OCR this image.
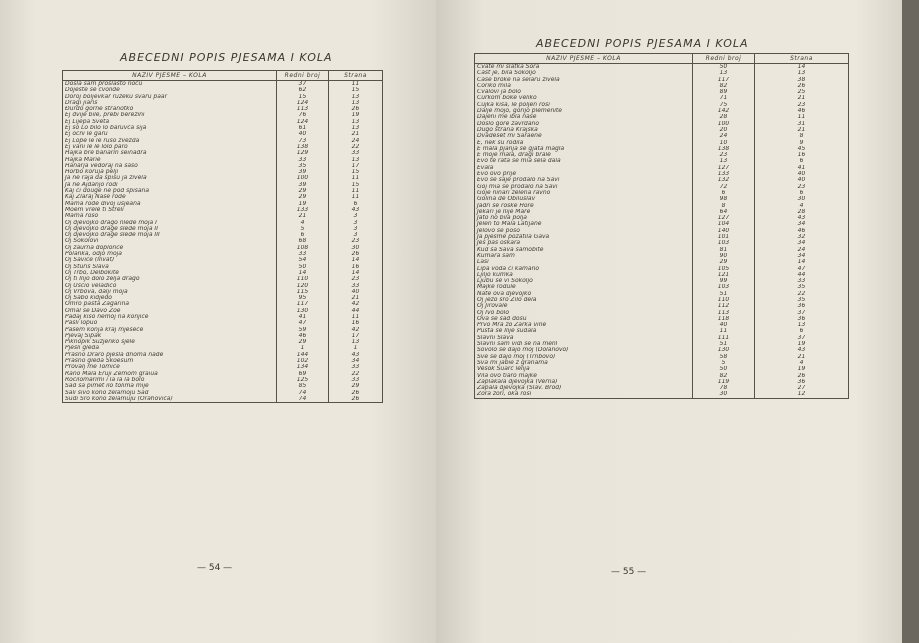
ABECEDNI POPIS PJESAMA I KOLA
NAZIV PJESME – KOLA	Redni broj	Strana
Došla sam prošlasto noću	37	11
Dojeste se cvolide	62	15
Doroj boljevkar ruzeku švaru paar	15	13
Dragi jiaris	124	13
Đurđo gorne stranotko	113	26
Ej dvije bile, prebi berezini	76	19
Ej Lijepa Sveta	124	13
Ej šo Lo bilo lo baruvca sija	61	13
Ej ocni le garu	40	21
Ej Lope le le ruso zvezda	73	24
Ej vani le le lolo paro	138	22
Hajka bre banarin seinadra	129	33
Hajka Marie	33	13
Hanarja vedoraj na šaso	35	17
Horbo koruja pelji	39	15
Ja ne raja da spisu ja zivela	100	11
Ja ne Ajdanjo rodi	39	15
Kaj ći douge ne pod spisana	29	11
Kaj Zlaraj Nase rode	29	11
Mama rode divoj usjeana	19	6
Moem vrele ti Streli	133	43
Mama roso	21	3
Oj djevojko drago nlede moja I	4	3
Oj djevojko drage slede moja II	5	3
Oj djevojko drage slede moja III	6	3
Oj Sokolovi	68	23
Oj zaurna doplonce	108	30
Polanka, odjo moja	33	26
Oj Savice (Ilivat)	54	14
Oj Sturiš Slava	50	16
Oj Trbo, Delbokite	14	14
Oj ti Ilijo dolo zelja drago	110	23
Oj Uscio veladico	120	33
Oj Vrbova, dalji moja	115	40
Oj Šabo kidjedo	95	21
Omro pasta Zagarina	117	42
Omal se Davo Zoe	130	44
Padaj kišo nemoj na konjiće	41	11
Pasli lopuo	47	16
Pasem konja kraj mjesece	59	42
Pjevaj Šipak	46	17
Piknopik Suzjenko sjele	29	13
Pjesli gleda	1	1
Prašno Draro pjesla dnoma nade	144	43
Prašno gleda Skoesum	102	34
Provalj me Tomice	134	33
Rano Mala Eruji Zemom graiua	69	22
Rocilomarimi i la la la bolo	125	33
Sad sa pimet ilo tolima mije	85	29
Sali šivo kono zelamoju Sad	74	26
Šudi Šro kono zelamuju (Orahovica)	74	26
— 54 —
ABECEDNI POPIS PJESAMA I KOLA
NAZIV PJESME – KOLA	Redni broj	Strana
Cvate mi slatka Sora	50	14
Čast je, bila Sokoljo	13	13
Čaše broke na selaru zivela	117	38
Čoriko mila	82	26
Čvalovi ja bolo	89	25
Čurkom boke veliko	71	21
Čujka kiša, le poljen rosi	75	23
Dalje mojo, gorijo plemenite	142	46
Dajeni me ibla naše	28	11
Došlo gore zavrdano	100	31
Dugo strana Krajska	20	21
Dvadeset mi Saraene	24	8
E, nek su rodila	10	9
E mala pjanja se gjata magla	138	45
E moje mala, dragi brale	23	16
Evo te rata se mia sela dala	13	6
Evala	127	41
Evo ovo prije	133	40
Evo se saje prodalo na Savi	132	40
Goj mia se prodalo na Savi	72	23
Goje ninari zelena ravno	6	6
Golina de Obiluslav	98	30
Jadri se roske Hore	8	4
Jekari je Ilije Mare	64	28
Jato no bila polja	127	43
Jelen to Mala Latijane	104	34
Jelovo se pošo	140	46
Ja pjesme pozatila Gava	101	32
Jes pas oskara	103	34
Kud sa Sava samobite	81	24
Kumara sam	90	34
Lasi	29	14
Lipa voda ći kamano	105	47
Ljiljo kumka	121	44
Ljubu se vi Sokoljo	99	33
Majke rodule	103	35
Nate ova djevojko	51	22
Oj jezo sro Žilo dela	110	35
Oj Jirovale	112	36
Oj Ivo bolo	113	37
Ova se sad dosu	118	36
Prvo Mra zo Zarka vine	40	13
Pusta se Ilije sudala	11	6
Slavni Slava	111	37
Slavni sam vidi se na menl	51	19
Sovolo se dajo moj (Dolanovo)	130	43
Sve se dajo moj (Trnbovo)	58	21
Sva mi jabie z granama	5	4
Vesok Suarc lelija	50	19
Vila ovo tiaro majke	82	26
Zaplakala djevojka (Verna)	119	36
Zapala djevojka (Slav. Brod)	78	27
Zora zori, oka rosi	30	12
— 55 —
